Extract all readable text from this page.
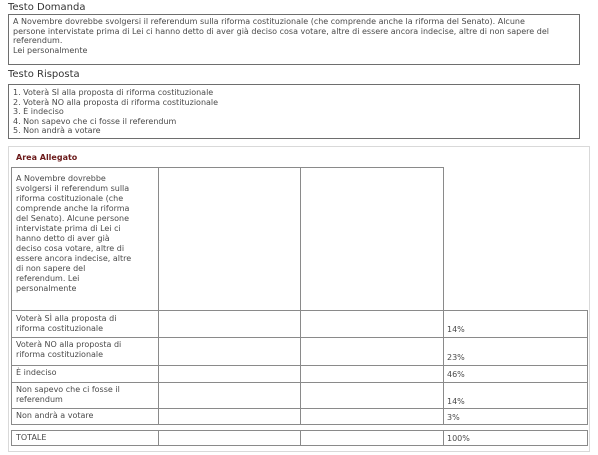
Testo Domanda
A Novembre dovrebbe svolgersi il referendum sulla riforma costituzionale (che comprende anche la riforma del Senato). Alcune
persone intervistate prima di Lei ci hanno detto di aver già deciso cosa votare, altre di essere ancora indecise, altre di non sapere del
referendum.
Lei personalmente
Testo Risposta
1. Voterà SÌ alla proposta di riforma costituzionale
2. Voterà NO alla proposta di riforma costituzionale
3. È indeciso
4. Non sapevo che ci fosse il referendum
5. Non andrà a votare
Area Allegato
A Novembre dovrebbe
svolgersi il referendum sulla
riforma costituzionale (che
comprende anche la riforma
del Senato). Alcune persone
intervistate prima di Lei ci
hanno detto di aver già
deciso cosa votare, altre di
essere ancora indecise, altre
di non sapere del
referendum. Lei
personalmente
Voterà SÌ alla proposta di
riforma costituzionale	14%
Voterà NO alla proposta di
riforma costituzionale	23%
È indeciso	46%
Non sapevo che ci fosse il
referendum	14%
Non andrà a votare	3%
TOTALE	100%
